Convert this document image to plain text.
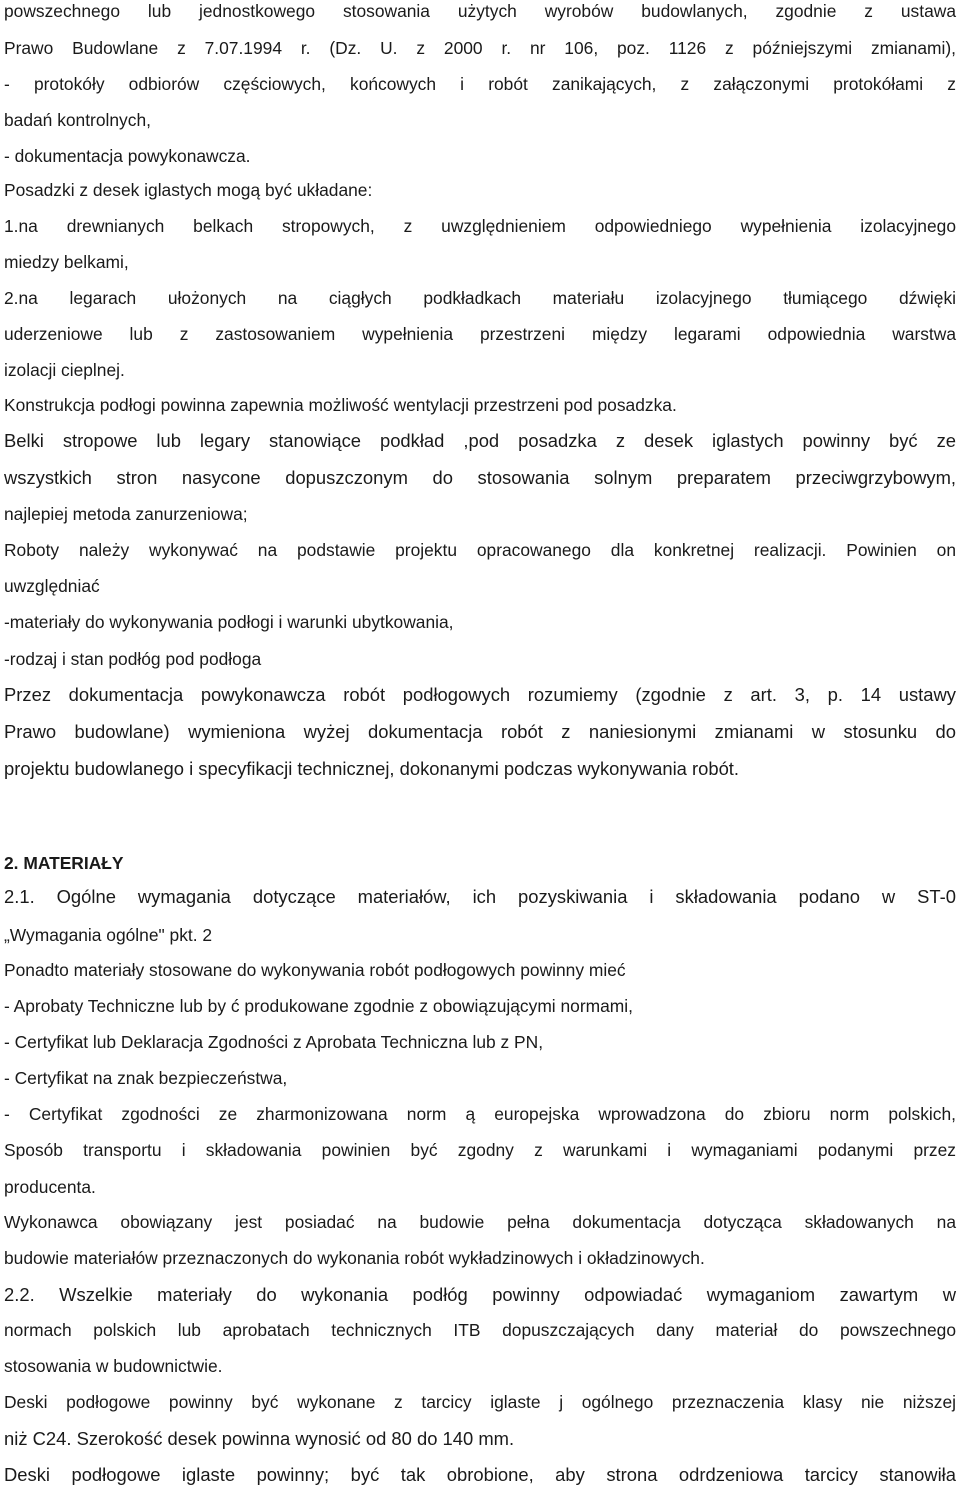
powszechnego lub jednostkowego stosowania użytych wyrobów budowlanych, zgodnie z ustawa
Prawo Budowlane z 7.07.1994 r. (Dz. U. z 2000 r. nr 106, poz. 1126 z późniejszymi zmianami),
- protokóły odbiorów częściowych, końcowych i robót zanikających, z załączonymi protokółami z
badań kontrolnych,
- dokumentacja powykonawcza.
Posadzki z desek iglastych mogą być układane:
1.na drewnianych belkach stropowych, z uwzględnieniem odpowiedniego wypełnienia izolacyjnego
miedzy belkami,
2.na legarach ułożonych na ciągłych podkładkach materiału izolacyjnego tłumiącego dźwięki
uderzeniowe lub z zastosowaniem wypełnienia przestrzeni między legarami odpowiednia warstwa
izolacji cieplnej.
Konstrukcja podłogi powinna zapewnia możliwość wentylacji przestrzeni pod posadzka.
Belki stropowe lub legary stanowiące podkład ,pod posadzka z desek iglastych powinny być ze
wszystkich stron nasycone dopuszczonym do stosowania solnym preparatem przeciwgrzybowym,
najlepiej metoda zanurzeniowa;
Roboty należy wykonywać na podstawie projektu opracowanego dla konkretnej realizacji. Powinien on
uwzględniać
-materiały do wykonywania podłogi i warunki ubytkowania,
-rodzaj i stan podłóg pod podłoga
Przez dokumentacja powykonawcza robót podłogowych rozumiemy (zgodnie z art. 3, p. 14 ustawy
Prawo budowlane) wymieniona wyżej dokumentacja robót z naniesionymi zmianami w stosunku do
projektu budowlanego i specyfikacji technicznej, dokonanymi podczas wykonywania robót.
2. MATERIAŁY
2.1. Ogólne wymagania dotyczące materiałów, ich pozyskiwania i składowania podano w ST-0
„Wymagania ogólne" pkt. 2
Ponadto materiały stosowane do wykonywania robót podłogowych powinny mieć
- Aprobaty Techniczne lub by ć produkowane zgodnie z obowiązującymi normami,
- Certyfikat lub Deklaracja Zgodności z Aprobata Techniczna lub z PN,
- Certyfikat na znak bezpieczeństwa,
- Certyfikat zgodności ze zharmonizowana norm ą europejska wprowadzona do zbioru norm polskich,
Sposób transportu i składowania powinien być zgodny z warunkami i wymaganiami podanymi przez
producenta.
Wykonawca obowiązany jest posiadać na budowie pełna dokumentacja dotycząca składowanych na
budowie materiałów przeznaczonych do wykonania robót wykładzinowych i okładzinowych.
2.2. Wszelkie materiały do wykonania podłóg powinny odpowiadać wymaganiom zawartym w
normach polskich lub aprobatach technicznych ITB dopuszczających dany materiał do powszechnego
stosowania w budownictwie.
Deski podłogowe powinny być wykonane z tarcicy iglaste j ogólnego przeznaczenia klasy nie niższej
niż C24. Szerokość desek powinna wynosić od 80 do 140 mm.
Deski podłogowe iglaste powinny; być tak obrobione, aby strona odrdzeniowa tarcicy stanowiła
